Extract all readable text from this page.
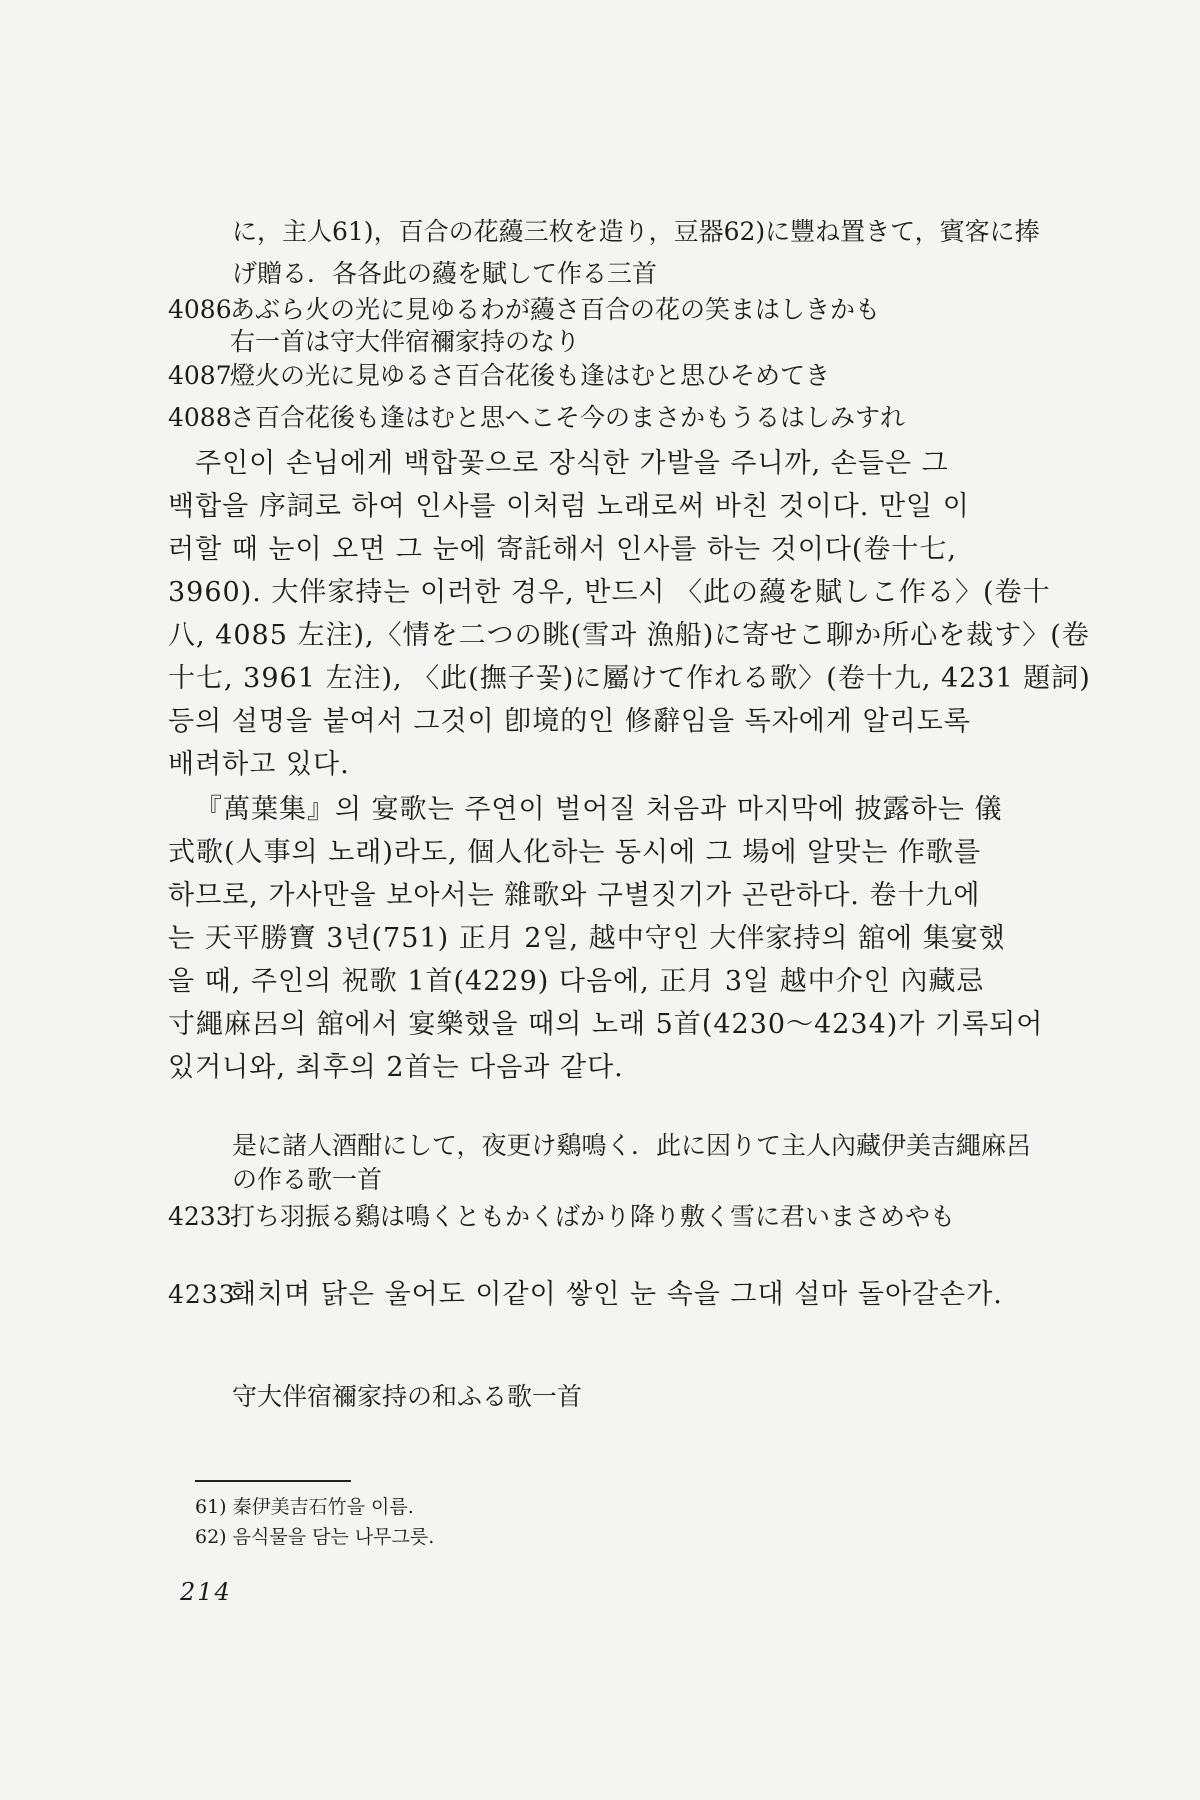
に，主人61)，百合の花蘰三枚を造り，豆器62)に豐ね置きて，賓客に捧
げ贈る．各各此の蘰を賦して作る三首
4086あぶら火の光に見ゆるわが蘰さ百合の花の笑まはしきかも
右一首は守大伴宿禰家持のなり
4087燈火の光に見ゆるさ百合花後も逢はむと思ひそめてき
4088さ百合花後も逢はむと思へこそ今のまさかもうるはしみすれ
주인이 손님에게 백합꽃으로 장식한 가발을 주니까, 손들은 그
백합을 序詞로 하여 인사를 이처럼 노래로써 바친 것이다. 만일 이
러할 때 눈이 오면 그 눈에 寄託해서 인사를 하는 것이다(卷十七,
3960). 大伴家持는 이러한 경우, 반드시 〈此の蘰を賦しこ作る〉(卷十
八, 4085 左注),〈情を二つの眺(雪과 漁船)に寄せこ聊か所心を裁す〉(卷
十七, 3961 左注), 〈此(撫子꽃)に屬けて作れる歌〉(卷十九, 4231 題詞)
등의 설명을 붙여서 그것이 卽境的인 修辭임을 독자에게 알리도록
배려하고 있다.
『萬葉集』의 宴歌는 주연이 벌어질 처음과 마지막에 披露하는 儀
式歌(人事의 노래)라도, 個人化하는 동시에 그 場에 알맞는 作歌를
하므로, 가사만을 보아서는 雜歌와 구별짓기가 곤란하다. 卷十九에
는 天平勝寶 3년(751) 正月 2일, 越中守인 大伴家持의 舘에 集宴했
을 때, 주인의 祝歌 1首(4229) 다음에, 正月 3일 越中介인 內藏忌
寸繩麻呂의 舘에서 宴樂했을 때의 노래 5首(4230～4234)가 기록되어
있거니와, 최후의 2首는 다음과 같다.
是に諸人酒酣にして，夜更け鷄鳴く．此に因りて主人內藏伊美吉繩麻呂
の作る歌一首
4233打ち羽振る鷄は鳴くともかくばかり降り敷く雪に君いまさめやも
4233홰치며 닭은 울어도 이같이 쌓인 눈 속을 그대 설마 돌아갈손가.
守大伴宿禰家持の和ふる歌一首
61) 秦伊美吉石竹을 이름.
62) 음식물을 담는 나무그릇.
214
